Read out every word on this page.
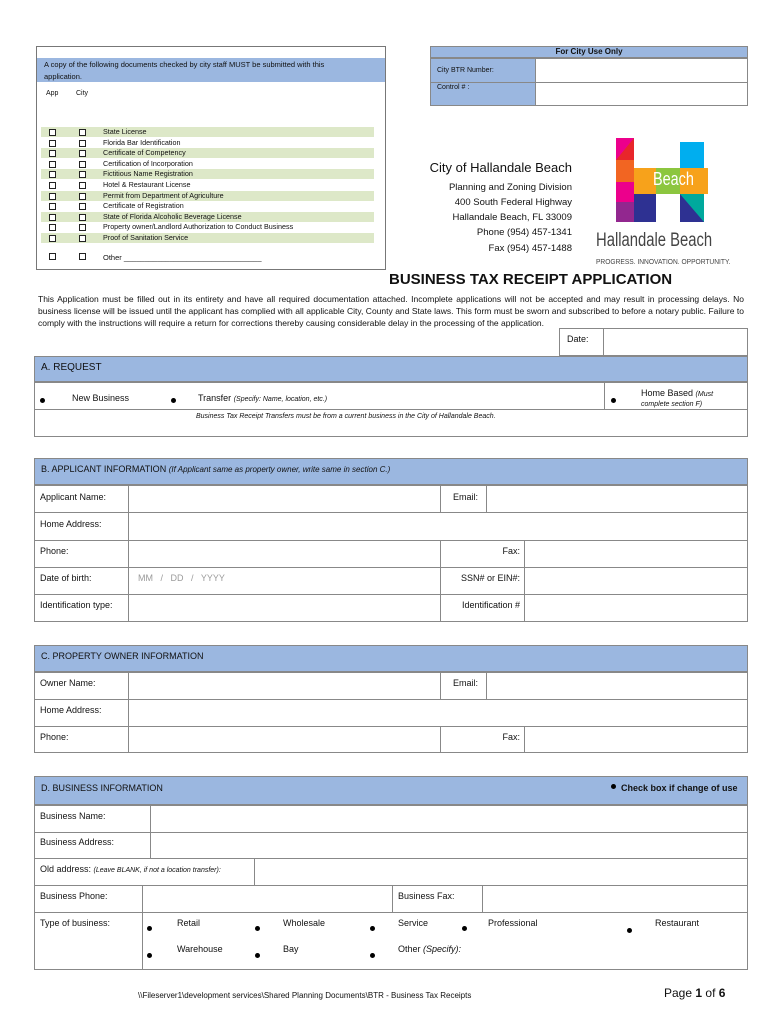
A copy of the following documents checked by city staff MUST be submitted with this application.
App	City
State License
Florida Bar Identification
Certificate of Competency
Certification of Incorporation
Fictitious Name Registration
Hotel & Restaurant License
Permit from Department of Agriculture
Certificate of Registration
State of Florida Alcoholic Beverage License
Property owner/Landlord Authorization to Conduct Business
Proof of Sanitation Service
Other _________________________________
For City Use Only
City BTR Number:
Control # :
City of Hallandale Beach
Planning and Zoning Division
400 South Federal Highway
Hallandale Beach, FL 33009
Phone (954) 457-1341
Fax (954) 457-1488
Beach
Hallandale Beach
PROGRESS. INNOVATION. OPPORTUNITY.
BUSINESS TAX RECEIPT APPLICATION
This Application must be filled out in its entirety and have all required documentation attached. Incomplete applications will not be accepted and may result in processing delays. No business license will be issued until the applicant has complied with all applicable City, County and State laws. This form must be sworn and subscribed to before a notary public. Failure to comply with the instructions will require a return for corrections thereby causing considerable delay in the processing of the application.
Date:
A. REQUEST
New Business	Transfer (Specify: Name, location, etc.)
Home Based (Must
complete section F)
Business Tax Receipt Transfers must be from a current business in the City of Hallandale Beach.
B. APPLICANT INFORMATION (If Applicant same as property owner, write same in section C.)
Applicant Name:	Email:
Home Address:
Phone:	Fax:
Date of birth:	MM   /   DD   /   YYYY	SSN# or EIN#:
Identification type:	Identification #
C. PROPERTY OWNER INFORMATION
Owner Name:	Email:
Home Address:
Phone:	Fax:
D. BUSINESS INFORMATION	Check box if change of use
Business Name:
Business Address:
Old address: (Leave BLANK, if not a location transfer):
Business Phone:	Business Fax:
Type of business:	Retail	Wholesale	Service	Professional	Restaurant
Warehouse	Bay	Other (Specify):
\\Fileserver1\development services\Shared Planning Documents\BTR - Business Tax Receipts	Page 1 of 6
